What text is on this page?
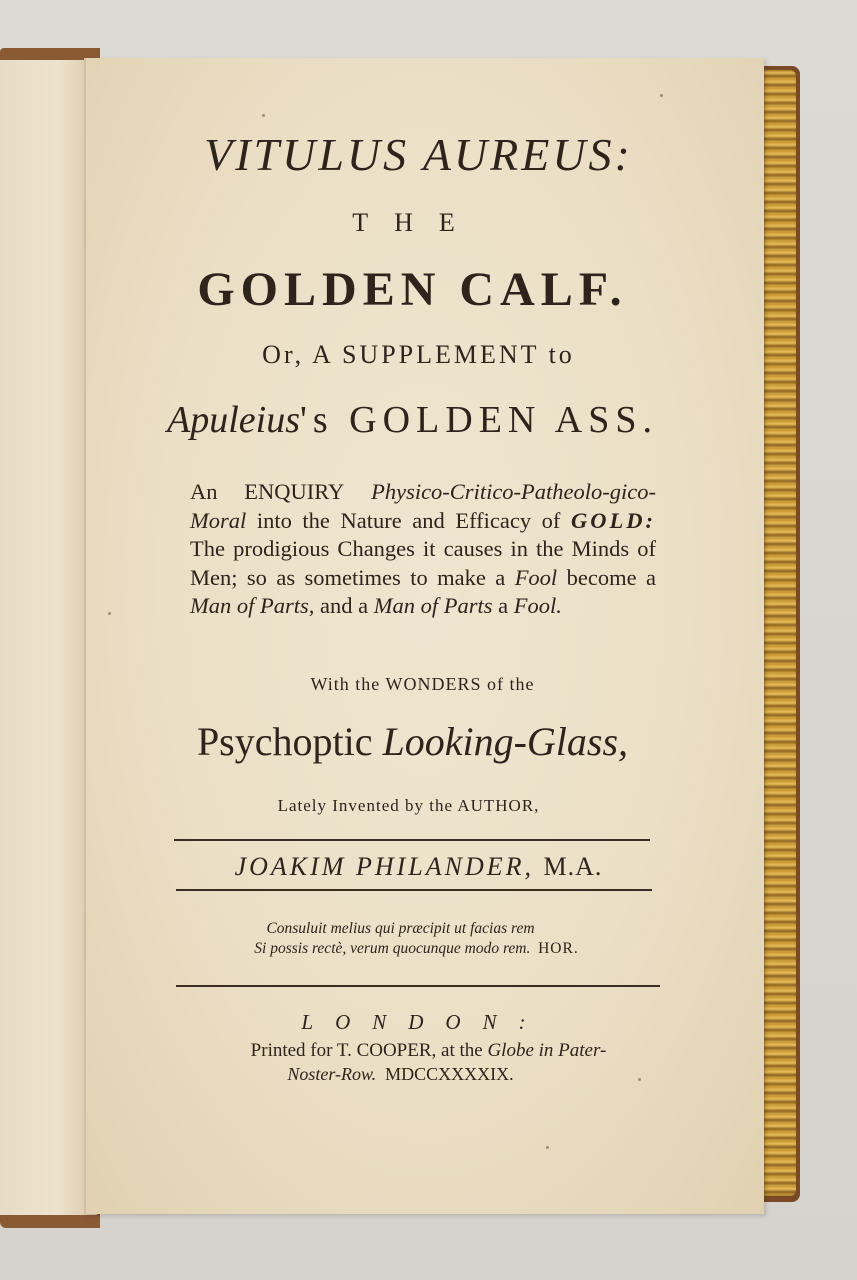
VITULUS AUREUS:
THE
GOLDEN CALF.
Or, A SUPPLEMENT to
Apuleius's GOLDEN ASS.
An ENQUIRY Physico-Critico-Patheolo-gico-Moral into the Nature and Efficacy of GOLD: The prodigious Changes it causes in the Minds of Men; so as sometimes to make a Fool become a Man of Parts, and a Man of Parts a Fool.
With the WONDERS of the
Psychoptic Looking-Glass,
Lately Invented by the AUTHOR,
JOAKIM PHILANDER, M.A.
Consuluit melius qui præcipit ut facias rem
Si possis rectè, verum quocunque modo rem. HOR.
LONDON:
Printed for T. COOPER, at the Globe in Pater-
Noster-Row. MDCCXXXXIX.
